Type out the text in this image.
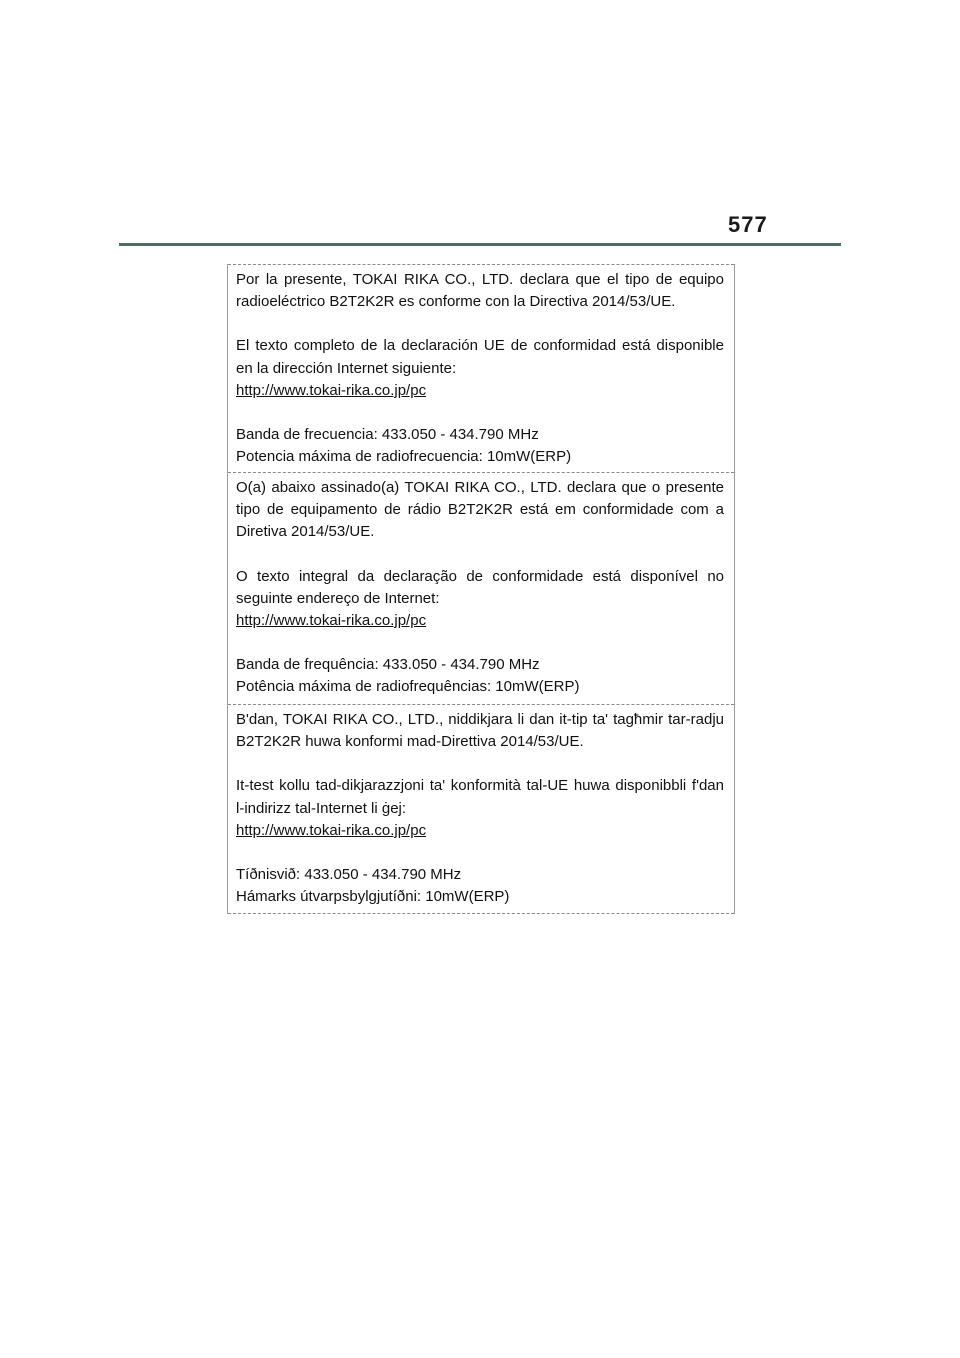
577

Por la presente, TOKAI RIKA CO., LTD. declara que el tipo de equipo radioeléctrico B2T2K2R es conforme con la Directiva 2014/53/UE.

El texto completo de la declaración UE de conformidad está disponible en la dirección Internet siguiente:

http://www.tokai-rika.co.jp/pc
Banda de frecuencia: 433.050 - 434.790 MHz
Potencia máxima de radiofrecuencia: 10mW(ERP)

O(a) abaixo assinado(a) TOKAI RIKA CO., LTD. declara que o presente tipo de equipamento de rádio B2T2K2R está em conformidade com a Diretiva 2014/53/UE.

O texto integral da declaração de conformidade está disponível no seguinte endereço de Internet:

http://www.tokai-rika.co.jp/pc
Banda de frequência: 433.050 - 434.790 MHz
Potência máxima de radiofrequências: 10mW(ERP)

B'dan, TOKAI RIKA CO., LTD., niddikjara li dan it-tip ta' tagħmir tar-radju B2T2K2R huwa konformi mad-Direttiva 2014/53/UE.

It-test kollu tad-dikjarazzjoni ta' konformità tal-UE huwa disponibbli f'dan l-indirizz tal-Internet li ġej:

http://www.tokai-rika.co.jp/pc
Tíðnisvið: 433.050 - 434.790 MHz
Hámarks útvarpsbylgjutíðni: 10mW(ERP)
